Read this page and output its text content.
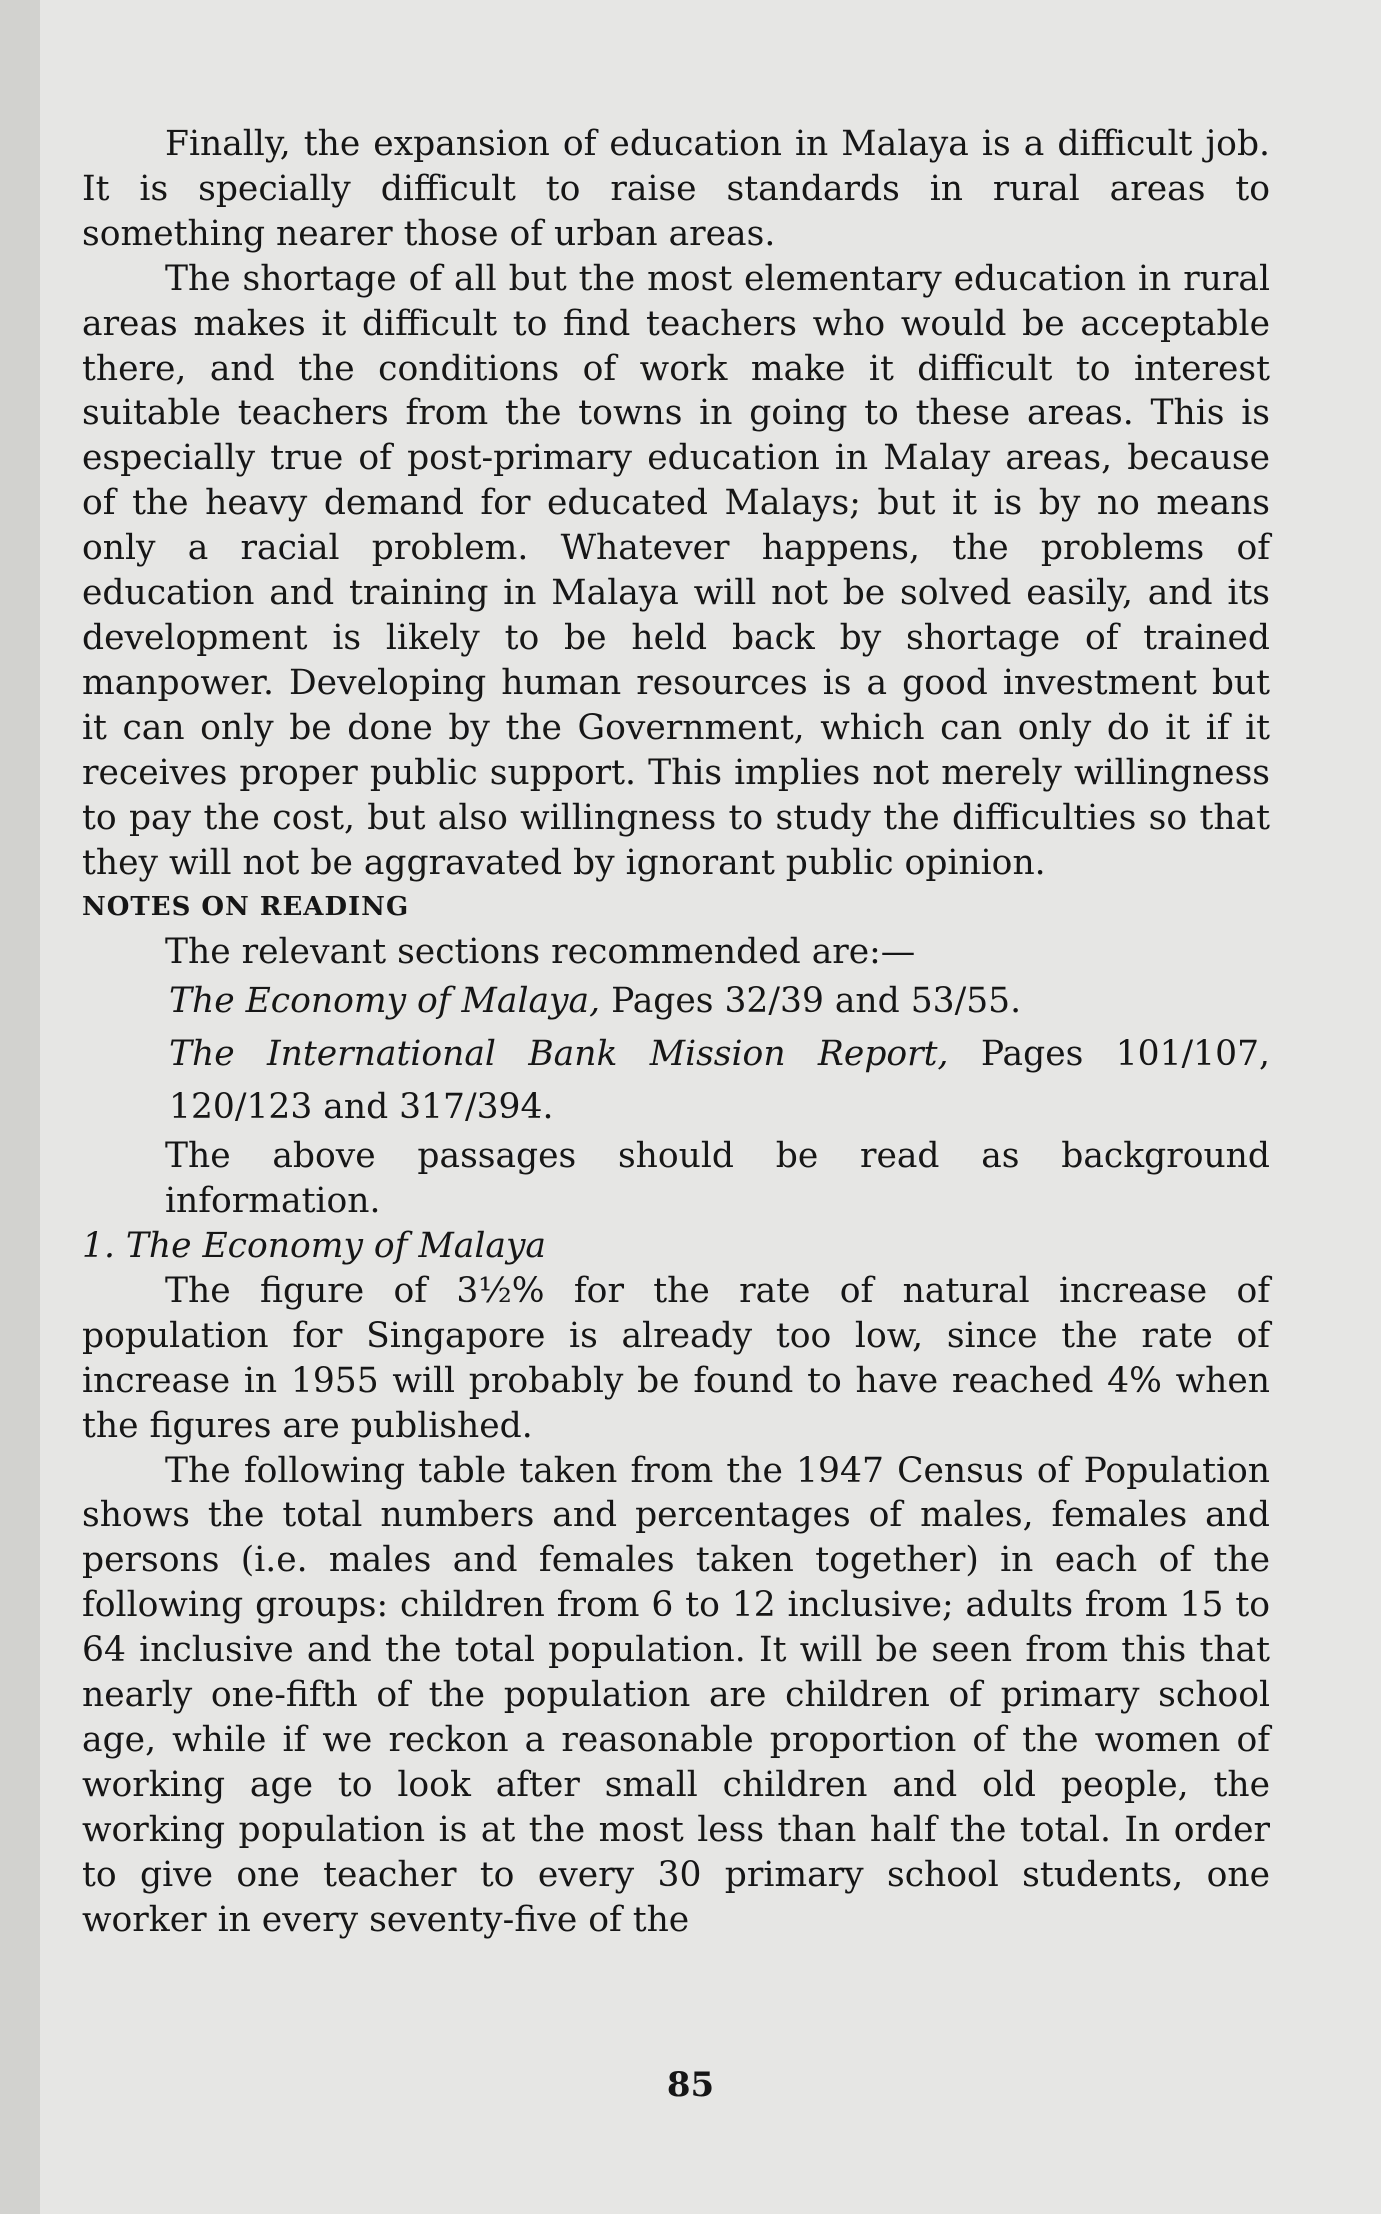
Finally, the expansion of education in Malaya is a difficult job. It is specially difficult to raise standards in rural areas to something nearer those of urban areas.

The shortage of all but the most elementary education in rural areas makes it difficult to find teachers who would be acceptable there, and the conditions of work make it difficult to interest suitable teachers from the towns in going to these areas. This is especially true of post-primary education in Malay areas, because of the heavy demand for educated Malays; but it is by no means only a racial problem. Whatever happens, the problems of education and training in Malaya will not be solved easily, and its development is likely to be held back by shortage of trained manpower. Developing human resources is a good investment but it can only be done by the Government, which can only do it if it receives proper public support. This implies not merely willingness to pay the cost, but also willingness to study the difficulties so that they will not be aggravated by ignorant public opinion.

NOTES ON READING

The relevant sections recommended are:—

The Economy of Malaya, Pages 32/39 and 53/55.

The International Bank Mission Report, Pages 101/107, 120/123 and 317/394.

The above passages should be read as background information.

1. The Economy of Malaya

The figure of 3½% for the rate of natural increase of population for Singapore is already too low, since the rate of increase in 1955 will probably be found to have reached 4% when the figures are published.

The following table taken from the 1947 Census of Population shows the total numbers and percentages of males, females and persons (i.e. males and females taken together) in each of the following groups: children from 6 to 12 inclusive; adults from 15 to 64 inclusive and the total population. It will be seen from this that nearly one-fifth of the population are children of primary school age, while if we reckon a reasonable proportion of the women of working age to look after small children and old people, the working population is at the most less than half the total. In order to give one teacher to every 30 primary school students, one worker in every seventy-five of the

85
